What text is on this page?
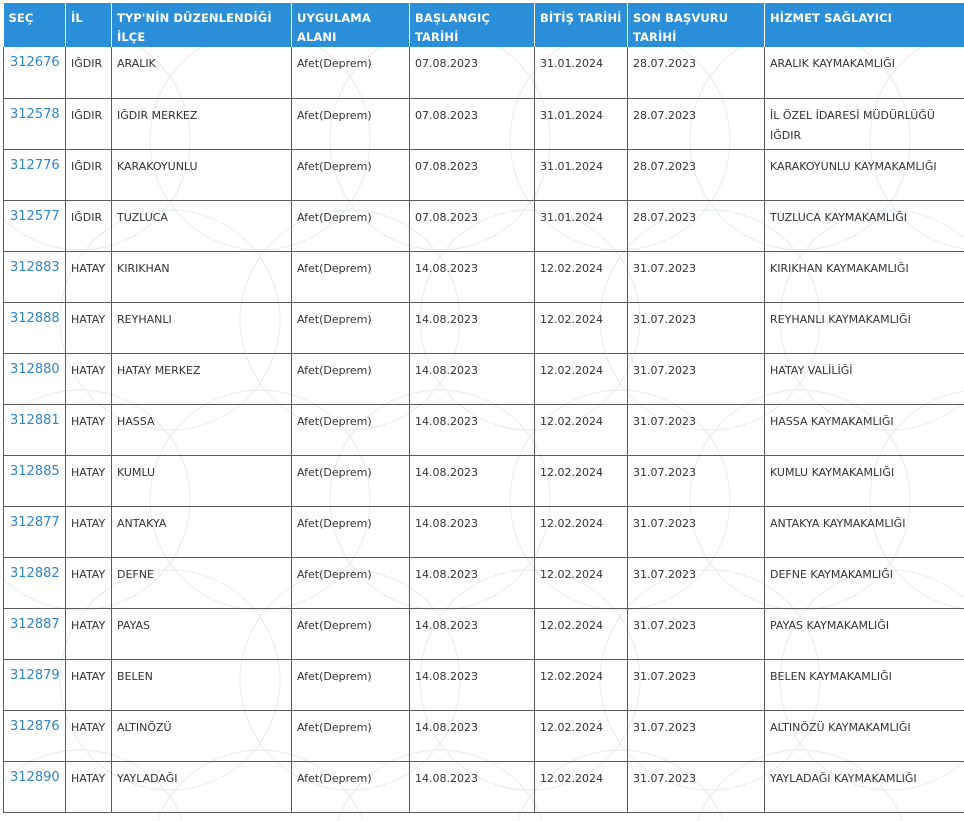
SEÇ	İL	TYP'NİN DÜZENLENDİĞİ İLÇE	UYGULAMA ALANI	BAŞLANGIÇ TARİHİ	BİTİŞ TARİHİ	SON BAŞVURU TARİHİ	HİZMET SAĞLAYICI
312676	IĞDIR	ARALIK	Afet(Deprem)	07.08.2023	31.01.2024	28.07.2023	ARALIK KAYMAKAMLIĞI
312578	IĞDIR	IĞDIR MERKEZ	Afet(Deprem)	07.08.2023	31.01.2024	28.07.2023	İL ÖZEL İDARESİ MÜDÜRLÜĞÜ IĞDIR
312776	IĞDIR	KARAKOYUNLU	Afet(Deprem)	07.08.2023	31.01.2024	28.07.2023	KARAKOYUNLU KAYMAKAMLIĞI
312577	IĞDIR	TUZLUCA	Afet(Deprem)	07.08.2023	31.01.2024	28.07.2023	TUZLUCA KAYMAKAMLIĞI
312883	HATAY	KIRIKHAN	Afet(Deprem)	14.08.2023	12.02.2024	31.07.2023	KIRIKHAN KAYMAKAMLIĞI
312888	HATAY	REYHANLI	Afet(Deprem)	14.08.2023	12.02.2024	31.07.2023	REYHANLI KAYMAKAMLIĞI
312880	HATAY	HATAY MERKEZ	Afet(Deprem)	14.08.2023	12.02.2024	31.07.2023	HATAY VALİLİĞİ
312881	HATAY	HASSA	Afet(Deprem)	14.08.2023	12.02.2024	31.07.2023	HASSA KAYMAKAMLIĞI
312885	HATAY	KUMLU	Afet(Deprem)	14.08.2023	12.02.2024	31.07.2023	KUMLU KAYMAKAMLIĞI
312877	HATAY	ANTAKYA	Afet(Deprem)	14.08.2023	12.02.2024	31.07.2023	ANTAKYA KAYMAKAMLIĞI
312882	HATAY	DEFNE	Afet(Deprem)	14.08.2023	12.02.2024	31.07.2023	DEFNE KAYMAKAMLIĞI
312887	HATAY	PAYAS	Afet(Deprem)	14.08.2023	12.02.2024	31.07.2023	PAYAS KAYMAKAMLIĞI
312879	HATAY	BELEN	Afet(Deprem)	14.08.2023	12.02.2024	31.07.2023	BELEN KAYMAKAMLIĞI
312876	HATAY	ALTINÖZÜ	Afet(Deprem)	14.08.2023	12.02.2024	31.07.2023	ALTINÖZÜ KAYMAKAMLIĞI
312890	HATAY	YAYLADAĞI	Afet(Deprem)	14.08.2023	12.02.2024	31.07.2023	YAYLADAĞI KAYMAKAMLIĞI
